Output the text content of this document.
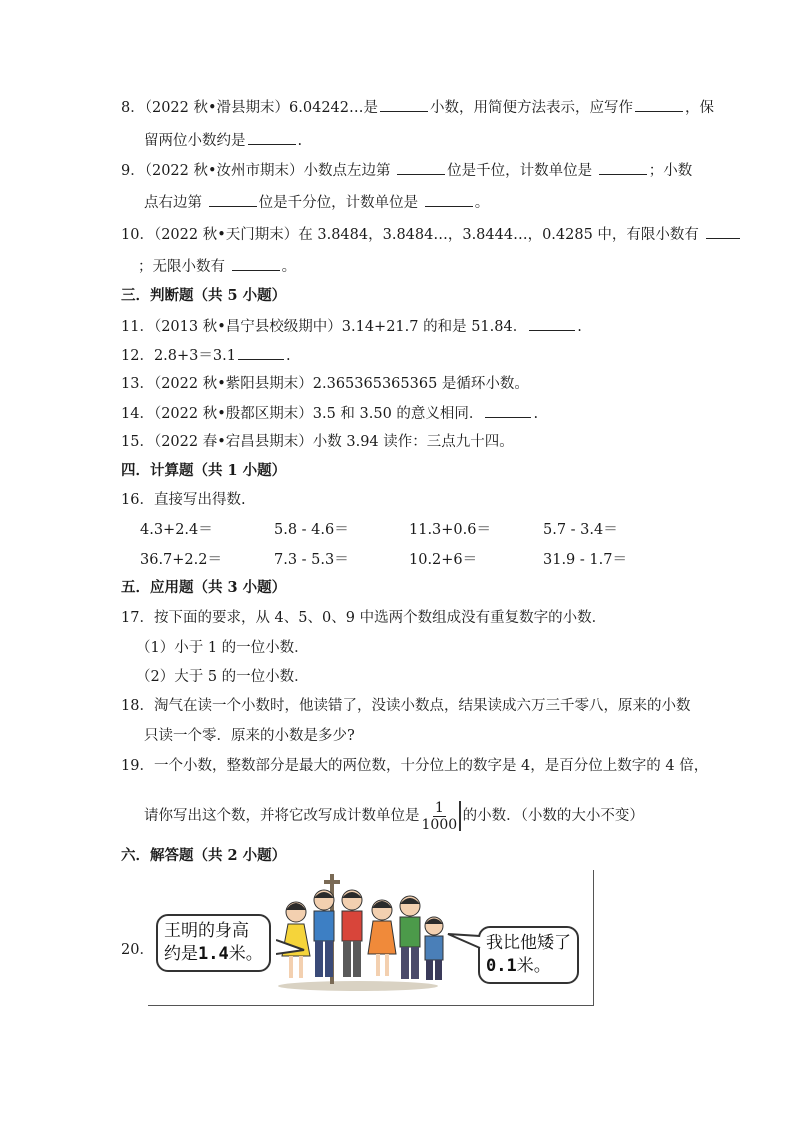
8．（2022 秋•滑县期末）6.04242…是	小数，用简便方法表示，应写作	，保
留两位小数约是	.
9．（2022 秋•汝州市期末）小数点左边第	位是千位，计数单位是	；小数
点右边第	位是千分位，计数单位是	。
10．（2022 秋•天门期末）在 3.8484，3.8484…，3.8444…，0.4285 中，有限小数有
；无限小数有	。
三．判断题（共 5 小题）
11．（2013 秋•昌宁县校级期中）3.14+21.7 的和是 51.84．	.
12．2.8+3＝3.1	.
13．（2022 秋•紫阳县期末）2.365365365365 是循环小数。
14．（2022 秋•殷都区期末）3.5 和 3.50 的意义相同．	.
15．（2022 春•宕昌县期末）小数 3.94 读作：三点九十四。
四．计算题（共 1 小题）
16．直接写出得数.
4.3+2.4＝	5.8 - 4.6＝	11.3+0.6＝	5.7 - 3.4＝
36.7+2.2＝	7.3 - 5.3＝	10.2+6＝	31.9 - 1.7＝
五．应用题（共 3 小题）
17．按下面的要求，从 4、5、0、9 中选两个数组成没有重复数字的小数．
（1）小于 1 的一位小数．
（2）大于 5 的一位小数．
18．淘气在读一个小数时，他读错了，没读小数点，结果读成六万三千零八，原来的小数
只读一个零．原来的小数是多少?
19．一个小数，整数部分是最大的两位数，十分位上的数字是 4，是百分位上数字的 4 倍，
请你写出这个数，并将它改写成计数单位是 $\frac{1}{1000}$ 的小数．（小数的大小不变）
六．解答题（共 2 小题）
20．
王明的身高
约是1.4米。
我比他矮了
0.1米。
